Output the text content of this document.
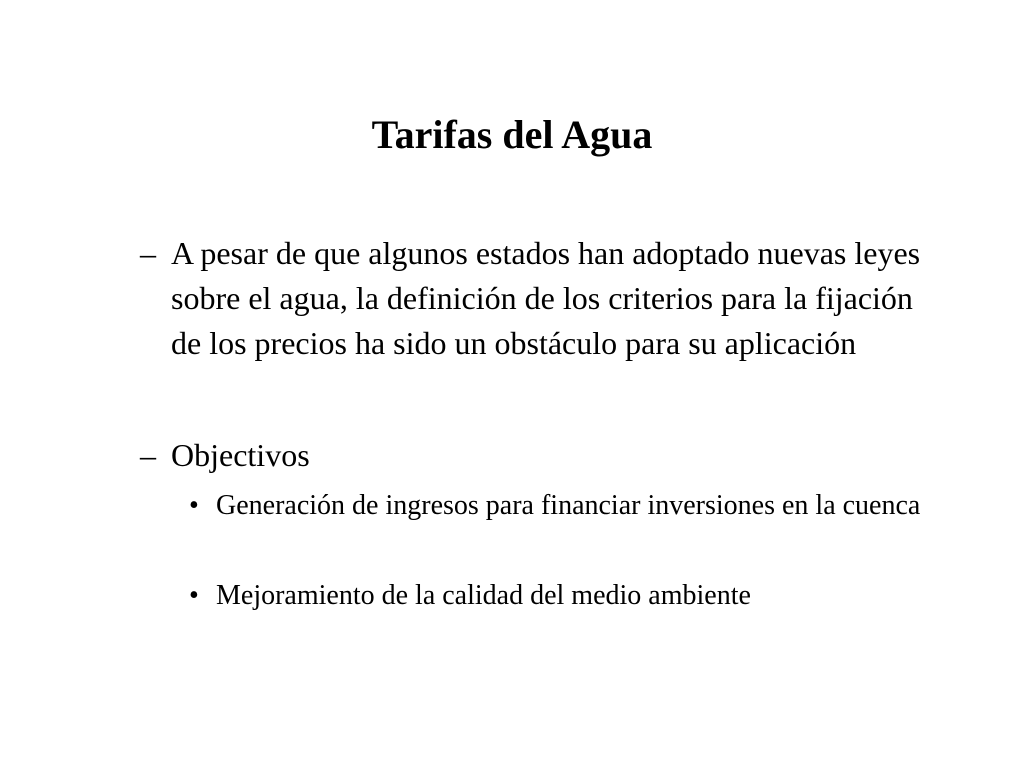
Tarifas del Agua
– A pesar de que algunos estados han adoptado nuevas leyes sobre el agua, la definición de los criterios para la fijación de los precios ha sido un obstáculo para su aplicación
– Objectivos
• Generación de ingresos para financiar inversiones en la cuenca
• Mejoramiento de la calidad del medio ambiente
